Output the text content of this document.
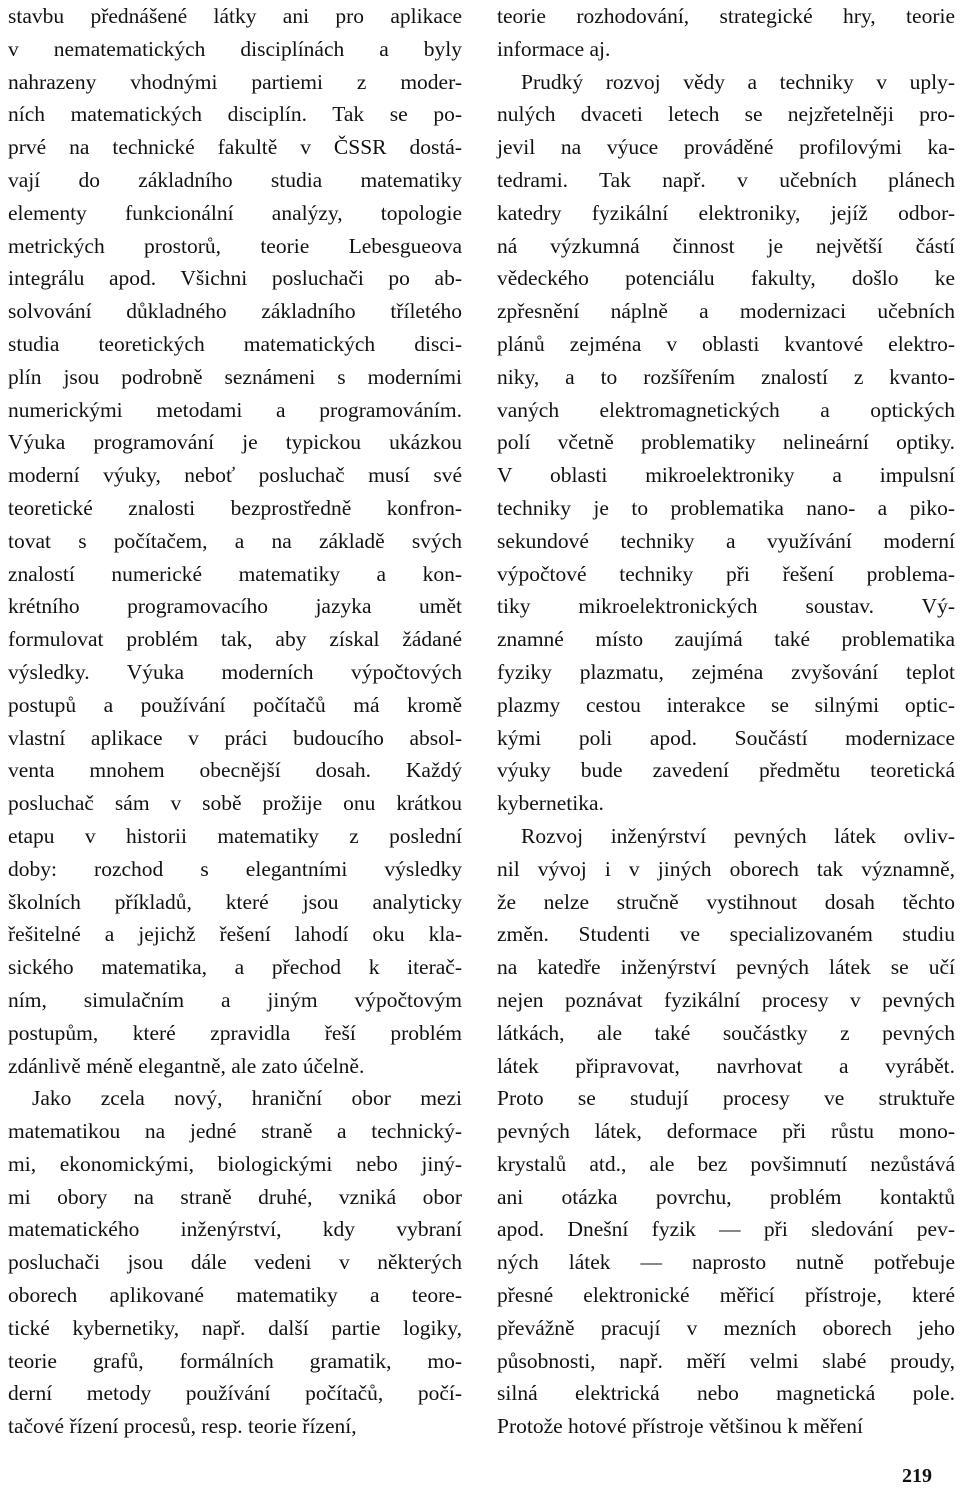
stavbu přednášené látky ani pro aplikace
v nematematických disciplínách a byly
nahrazeny vhodnými partiemi z moder-
ních matematických disciplín. Tak se po-
prvé na technické fakultě v ČSSR dostá-
vají do základního studia matematiky
elementy funkcionální analýzy, topologie
metrických prostorů, teorie Lebesgueova
integrálu apod. Všichni posluchači po ab-
solvování důkladného základního tříletého
studia teoretických matematických disci-
plín jsou podrobně seznámeni s moderními
numerickými metodami a programováním.
Výuka programování je typickou ukázkou
moderní výuky, neboť posluchač musí své
teoretické znalosti bezprostředně konfron-
tovat s počítačem, a na základě svých
znalostí numerické matematiky a kon-
krétního programovacího jazyka umět
formulovat problém tak, aby získal žádané
výsledky. Výuka moderních výpočtových
postupů a používání počítačů má kromě
vlastní aplikace v práci budoucího absol-
venta mnohem obecnější dosah. Každý
posluchač sám v sobě prožije onu krátkou
etapu v historii matematiky z poslední
doby: rozchod s elegantními výsledky
školních příkladů, které jsou analyticky
řešitelné a jejichž řešení lahodí oku kla-
sického matematika, a přechod k iterač-
ním, simulačním a jiným výpočtovým
postupům, které zpravidla řeší problém
zdánlivě méně elegantně, ale zato účelně.
Jako zcela nový, hraniční obor mezi
matematikou na jedné straně a technický-
mi, ekonomickými, biologickými nebo jiný-
mi obory na straně druhé, vzniká obor
matematického inženýrství, kdy vybraní
posluchači jsou dále vedeni v některých
oborech aplikované matematiky a teore-
tické kybernetiky, např. další partie logiky,
teorie grafů, formálních gramatik, mo-
derní metody používání počítačů, počí-
tačové řízení procesů, resp. teorie řízení,
teorie rozhodování, strategické hry, teorie
informace aj.
Prudký rozvoj vědy a techniky v uply-
nulých dvaceti letech se nejzřetelněji pro-
jevil na výuce prováděné profilovými ka-
tedrami. Tak např. v učebních plánech
katedry fyzikální elektroniky, jejíž odbor-
ná výzkumná činnost je největší částí
vědeckého potenciálu fakulty, došlo ke
zpřesnění náplně a modernizaci učebních
plánů zejména v oblasti kvantové elektro-
niky, a to rozšířením znalostí z kvanto-
vaných elektromagnetických a optických
polí včetně problematiky nelineární optiky.
V oblasti mikroelektroniky a impulsní
techniky je to problematika nano- a piko-
sekundové techniky a využívání moderní
výpočtové techniky při řešení problema-
tiky mikroelektronických soustav. Vý-
znamné místo zaujímá také problematika
fyziky plazmatu, zejména zvyšování teplot
plazmy cestou interakce se silnými optic-
kými poli apod. Součástí modernizace
výuky bude zavedení předmětu teoretická
kybernetika.
Rozvoj inženýrství pevných látek ovliv-
nil vývoj i v jiných oborech tak významně,
že nelze stručně vystihnout dosah těchto
změn. Studenti ve specializovaném studiu
na katedře inženýrství pevných látek se učí
nejen poznávat fyzikální procesy v pevných
látkách, ale také součástky z pevných
látek připravovat, navrhovat a vyrábět.
Proto se studují procesy ve struktuře
pevných látek, deformace při růstu mono-
krystalů atd., ale bez povšimnutí nezůstává
ani otázka povrchu, problém kontaktů
apod. Dnešní fyzik — při sledování pev-
ných látek — naprosto nutně potřebuje
přesné elektronické měřicí přístroje, které
převážně pracují v mezních oborech jeho
působnosti, např. měří velmi slabé proudy,
silná elektrická nebo magnetická pole.
Protože hotové přístroje většinou k měření
219
